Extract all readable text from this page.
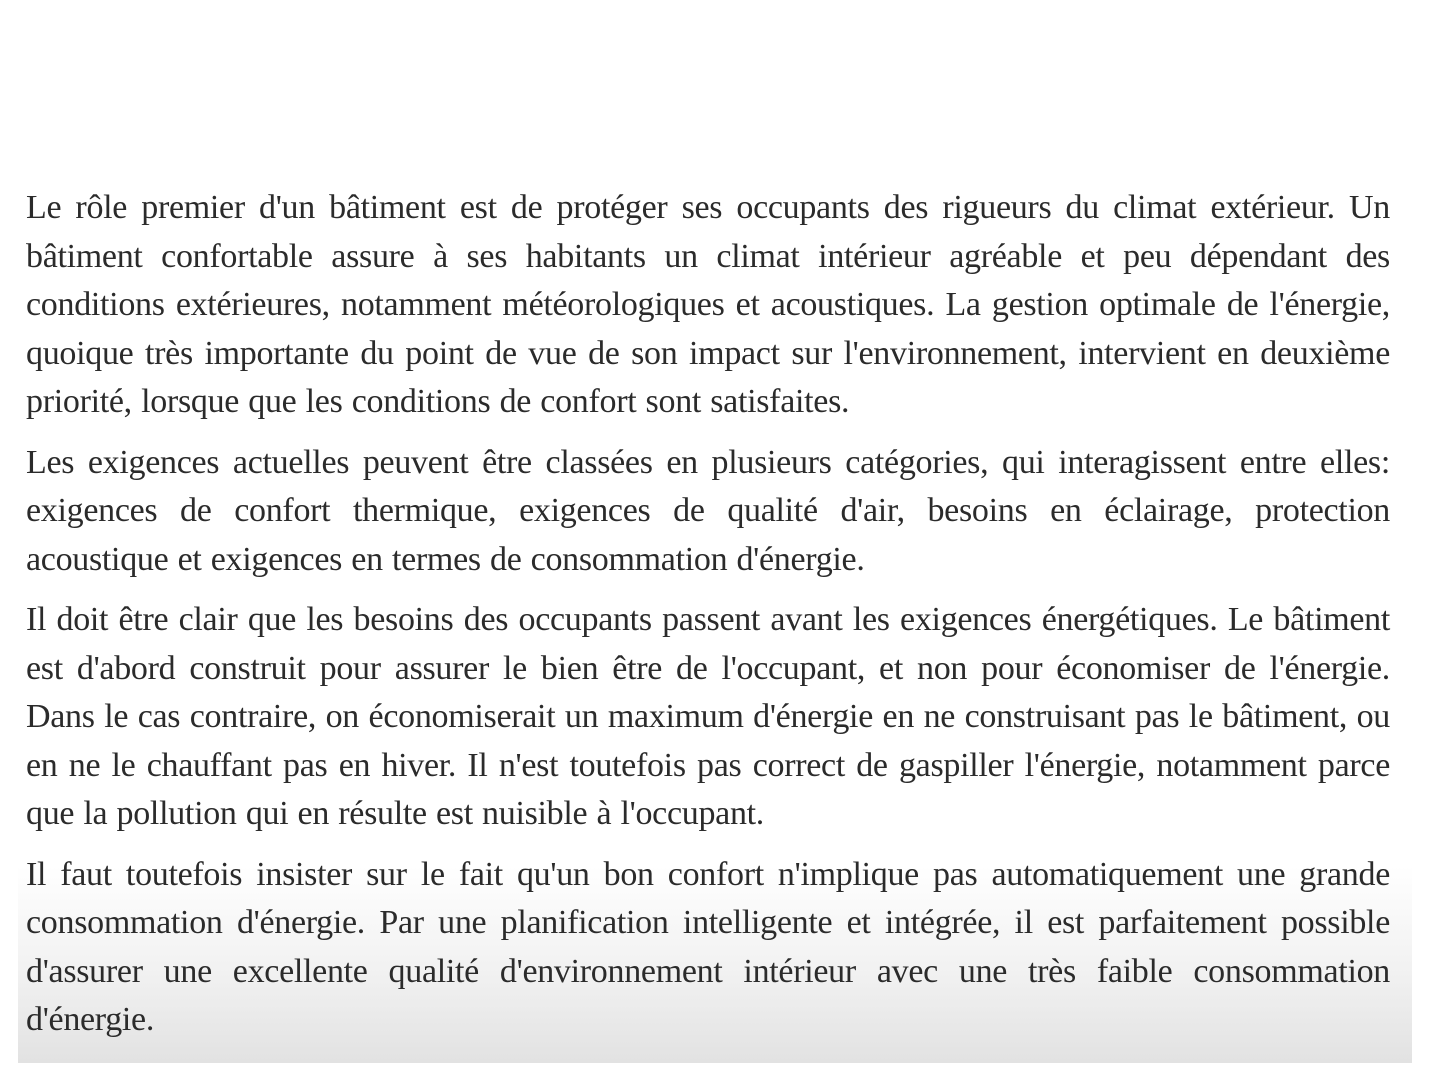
Le rôle premier d'un bâtiment est de protéger ses occupants des rigueurs du climat extérieur. Un bâtiment confortable assure à ses habitants un climat intérieur agréable et peu dépendant des conditions extérieures, notamment météorologiques et acoustiques. La gestion optimale de l'énergie, quoique très importante du point de vue de son impact sur l'environnement, intervient en deuxième priorité, lorsque que les conditions de confort sont satisfaites.

Les exigences actuelles peuvent être classées en plusieurs catégories, qui interagissent entre elles: exigences de confort thermique, exigences de qualité d'air, besoins en éclairage, protection acoustique et exigences en termes de consommation d'énergie.

Il doit être clair que les besoins des occupants passent avant les exigences énergétiques. Le bâtiment est d'abord construit pour assurer le bien être de l'occupant, et non pour économiser de l'énergie. Dans le cas contraire, on économiserait un maximum d'énergie en ne construisant pas le bâtiment, ou en ne le chauffant pas en hiver. Il n'est toutefois pas correct de gaspiller l'énergie, notamment parce que la pollution qui en résulte est nuisible à l'occupant.

Il faut toutefois insister sur le fait qu'un bon confort n'implique pas automatiquement une grande consommation d'énergie. Par une planification intelligente et intégrée, il est parfaitement possible d'assurer une excellente qualité d'environnement intérieur avec une très faible consommation d'énergie.
